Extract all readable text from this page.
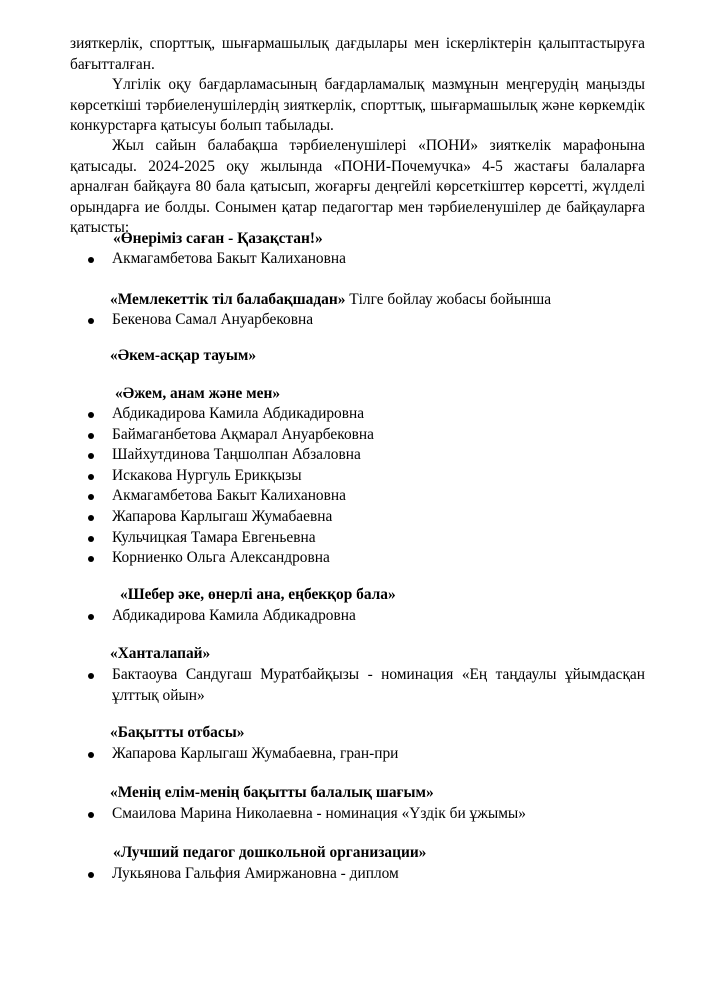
зияткерлік, спорттық, шығармашылық дағдылары мен іскерліктерін қалыптастыруға бағытталған.

Үлгілік оқу бағдарламасының бағдарламалық мазмұнын меңгерудің маңызды көрсеткіші тәрбиеленушілердің зияткерлік, спорттық, шығармашылық және көркемдік конкурстарға қатысуы болып табылады.

Жыл сайын балабақша тәрбиеленушілері «ПОНИ» зияткелік марафонына қатысады. 2024-2025 оқу жылында «ПОНИ-Почемучка» 4-5 жастағы балаларға арналған байқауға 80 бала қатысып, жоғарғы деңгейлі көрсеткіштер көрсетті, жүлделі орындарға ие болды. Сонымен қатар педагогтар мен тәрбиеленушілер де байқауларға қатысты:

«Өнеріміз саған - Қазақстан!»

Акмагамбетова Бакыт Калихановна

«Мемлекеттік тіл балабақшадан» Тілге бойлау жобасы бойынша

Бекенова Самал Ануарбековна

«Әкем-асқар тауым»

«Әжем, анам және мен»

Абдикадирова Камила Абдикадировна
Баймаганбетова Ақмарал Ануарбековна
Шайхутдинова Таңшолпан Абзаловна
Искакова Нургуль Ерикқызы
Акмагамбетова Бакыт Калихановна
Жапарова Карлыгаш Жумабаевна
Кульчицкая Тамара Евгеньевна
Корниенко Ольга Александровна

«Шебер әке, өнерлі ана, еңбекқор бала»

Абдикадирова Камила Абдикадровна

«Ханталапай»

Бактаоува Сандугаш Муратбайқызы - номинация «Ең таңдаулы ұйымдасқан ұлттық ойын»

«Бақытты отбасы»

Жапарова Карлыгаш Жумабаевна, гран-при

«Менің елім-менің бақытты балалық шағым»

Смаилова Марина Николаевна - номинация «Үздік би ұжымы»

«Лучший педагог дошкольной организации»

Лукьянова Гальфия Амиржановна - диплом
